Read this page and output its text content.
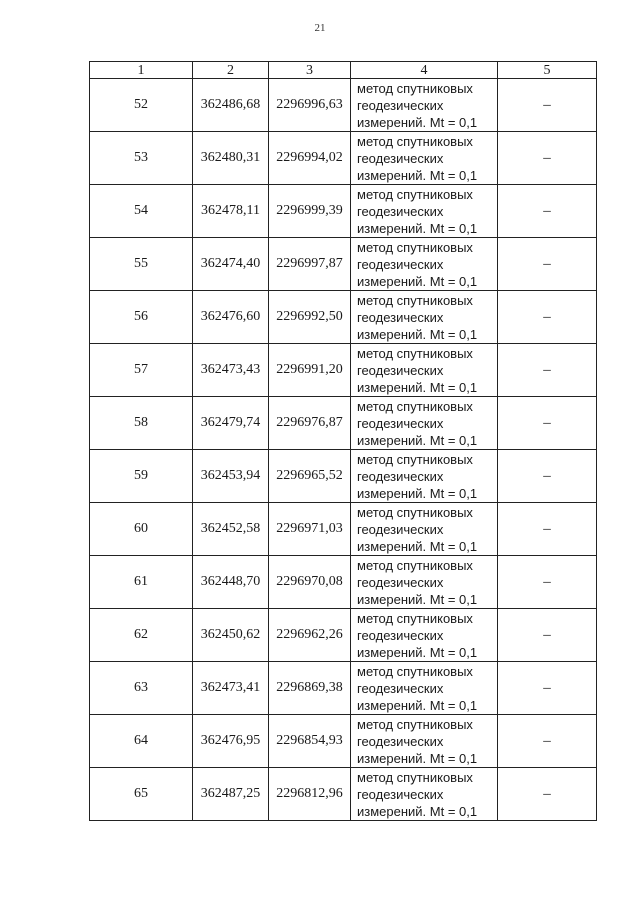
21
1	2	3	4	5
52	362486,68	2296996,63	метод спутниковых
геодезических
измерений. Mt = 0,1	–
53	362480,31	2296994,02	метод спутниковых
геодезических
измерений. Mt = 0,1	–
54	362478,11	2296999,39	метод спутниковых
геодезических
измерений. Mt = 0,1	–
55	362474,40	2296997,87	метод спутниковых
геодезических
измерений. Mt = 0,1	–
56	362476,60	2296992,50	метод спутниковых
геодезических
измерений. Mt = 0,1	–
57	362473,43	2296991,20	метод спутниковых
геодезических
измерений. Mt = 0,1	–
58	362479,74	2296976,87	метод спутниковых
геодезических
измерений. Mt = 0,1	–
59	362453,94	2296965,52	метод спутниковых
геодезических
измерений. Mt = 0,1	–
60	362452,58	2296971,03	метод спутниковых
геодезических
измерений. Mt = 0,1	–
61	362448,70	2296970,08	метод спутниковых
геодезических
измерений. Mt = 0,1	–
62	362450,62	2296962,26	метод спутниковых
геодезических
измерений. Mt = 0,1	–
63	362473,41	2296869,38	метод спутниковых
геодезических
измерений. Mt = 0,1	–
64	362476,95	2296854,93	метод спутниковых
геодезических
измерений. Mt = 0,1	–
65	362487,25	2296812,96	метод спутниковых
геодезических
измерений. Mt = 0,1	–
